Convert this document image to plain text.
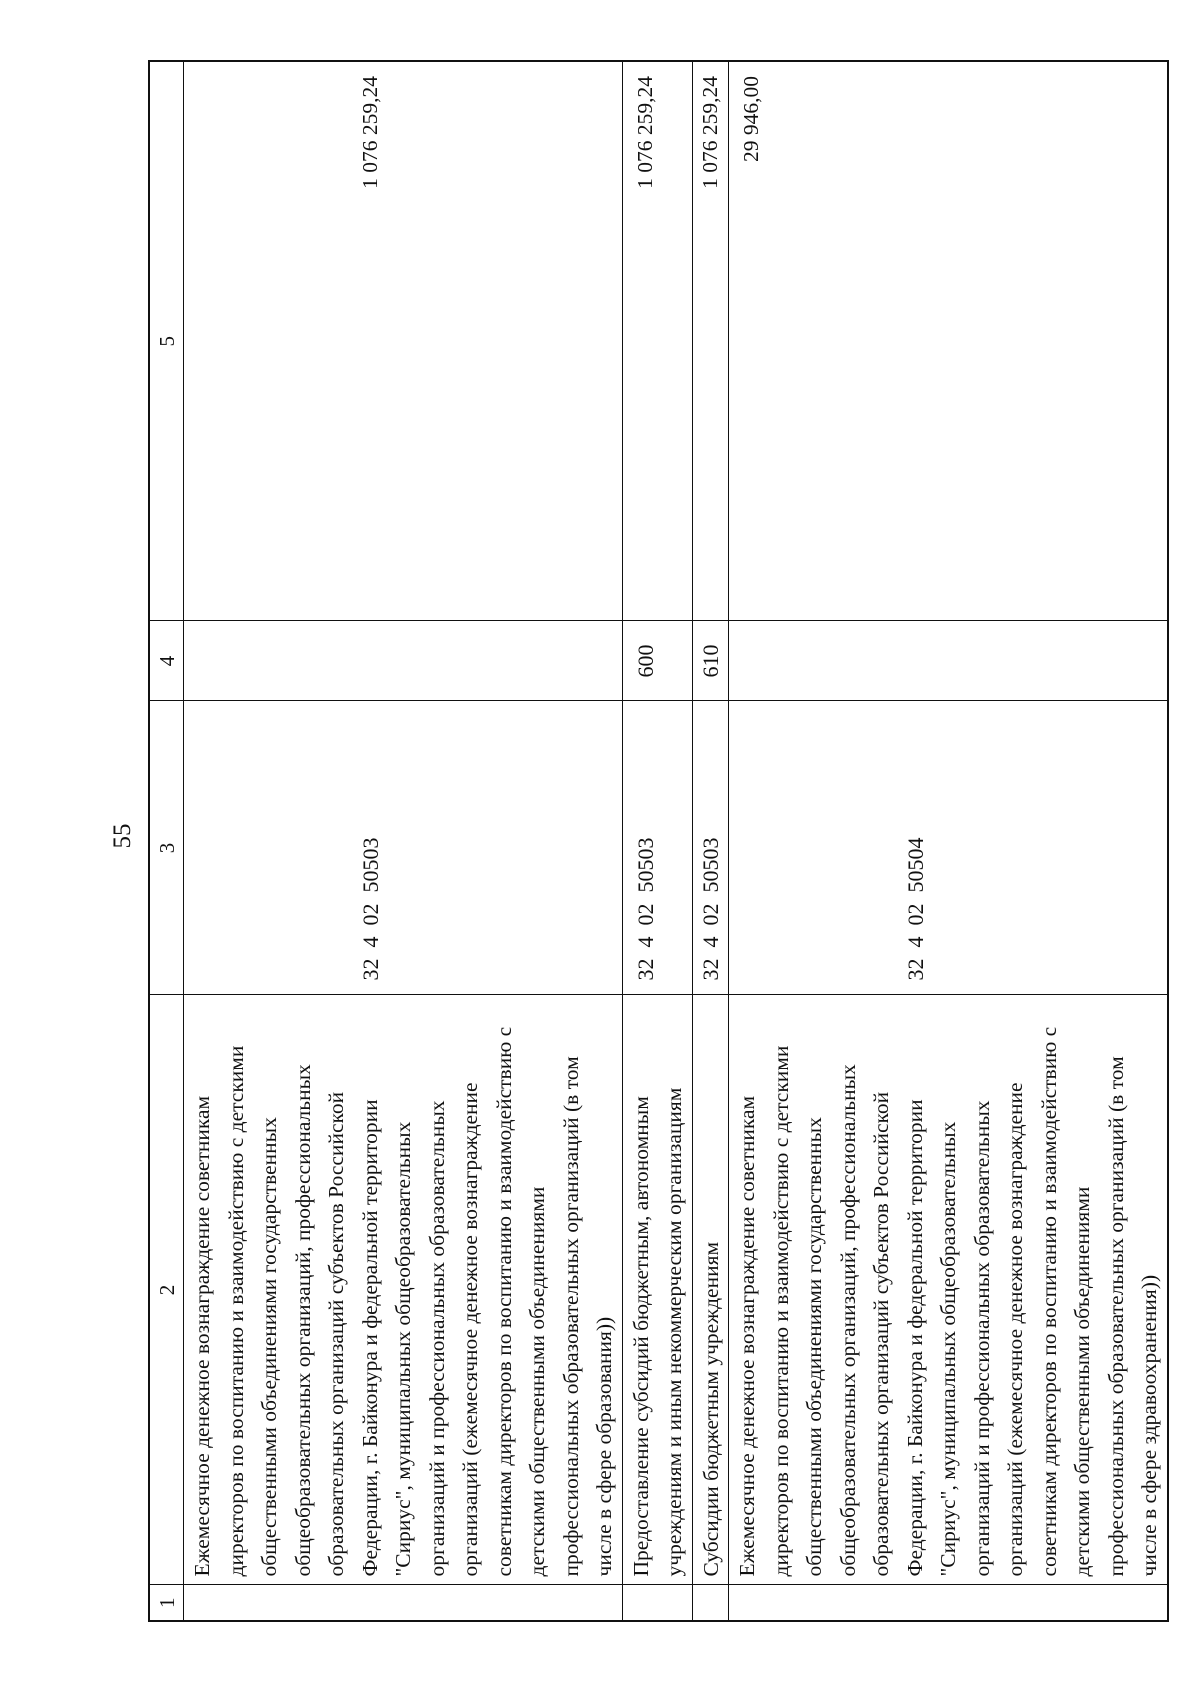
55
1	2	3	4	5
	Ежемесячное денежное вознаграждение советникам директоров по воспитанию и взаимодействию с детскими общественными объединениями государственных общеобразовательных организаций, профессиональных образовательных организаций субъектов Российской Федерации, г. Байконура и федеральной территории "Сириус", муниципальных общеобразовательных организаций и профессиональных образовательных организаций (ежемесячное денежное вознаграждение советникам директоров по воспитанию и взаимодействию с детскими общественными объединениями профессиональных образовательных организаций (в том числе в сфере образования))	32  4  02  50503		1 076 259,24
	Предоставление субсидий бюджетным, автономным учреждениям и иным некоммерческим организациям	32  4  02  50503	600	1 076 259,24
	Субсидии бюджетным учреждениям	32  4  02  50503	610	1 076 259,24
	Ежемесячное денежное вознаграждение советникам директоров по воспитанию и взаимодействию с детскими общественными объединениями государственных общеобразовательных организаций, профессиональных образовательных организаций субъектов Российской Федерации, г. Байконура и федеральной территории "Сириус", муниципальных общеобразовательных организаций и профессиональных образовательных организаций (ежемесячное денежное вознаграждение советникам директоров по воспитанию и взаимодействию с детскими общественными объединениями профессиональных образовательных организаций (в том числе в сфере здравоохранения))	32  4  02  50504		29 946,00
